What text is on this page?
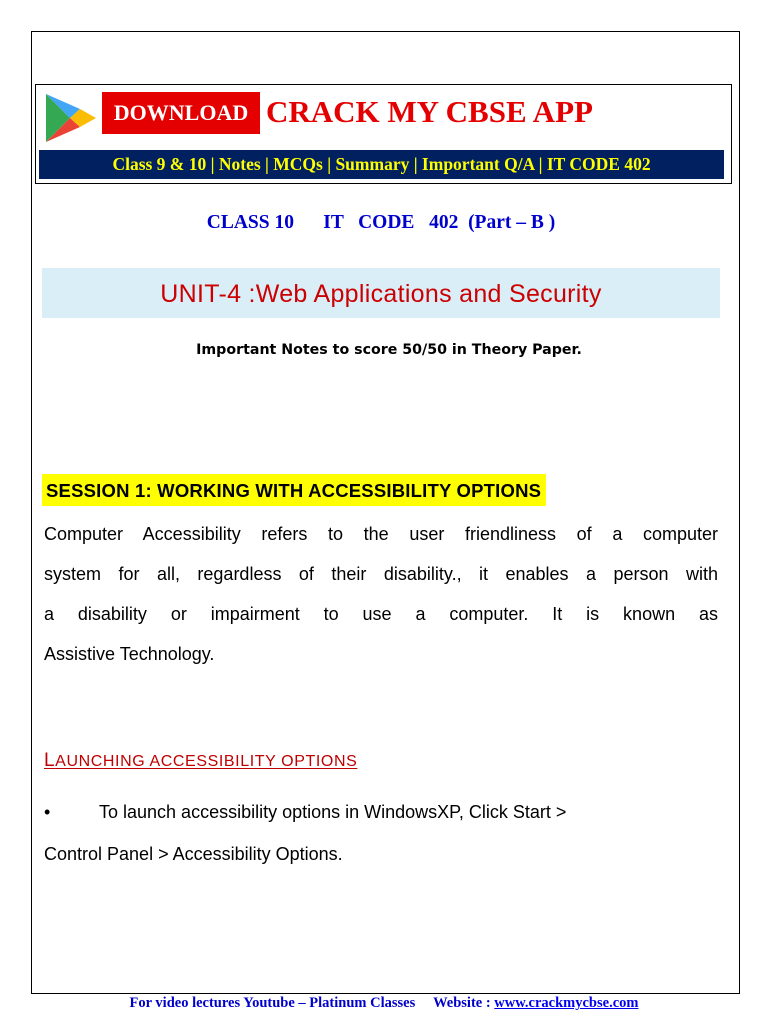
DOWNLOAD CRACK MY CBSE APP
Class 9 & 10 | Notes | MCQs | Summary | Important Q/A | IT CODE 402
CLASS 10      IT   CODE   402  (Part – B )
UNIT-4 :Web Applications and Security
Important Notes to score 50/50 in Theory Paper.
SESSION 1: WORKING WITH ACCESSIBILITY OPTIONS
Computer Accessibility refers to the user friendliness of a computer
system for all, regardless of their disability., it enables a person with
a disability or impairment to use a computer. It is known as
Assistive Technology.
LAUNCHING ACCESSIBILITY OPTIONS
•	To launch accessibility options in WindowsXP, Click Start >
Control Panel > Accessibility Options.
For video lectures Youtube – Platinum Classes     Website : www.crackmycbse.com
